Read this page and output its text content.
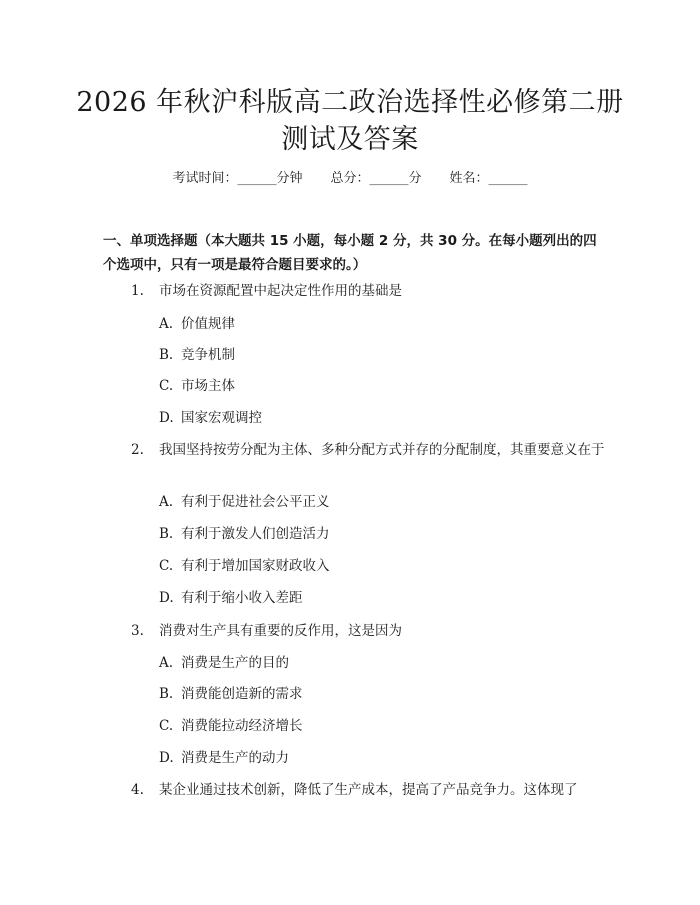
2026 年秋沪科版高二政治选择性必修第二册
测试及答案
考试时间：______分钟 总分：______分 姓名：______
一、单项选择题（本大题共 15 小题，每小题 2 分，共 30 分。在每小题列出的四个选项中，只有一项是最符合题目要求的。）
1. 市场在资源配置中起决定性作用的基础是
A. 价值规律
B. 竞争机制
C. 市场主体
D. 国家宏观调控
2. 我国坚持按劳分配为主体、多种分配方式并存的分配制度，其重要意义在于
A. 有利于促进社会公平正义
B. 有利于激发人们创造活力
C. 有利于增加国家财政收入
D. 有利于缩小收入差距
3. 消费对生产具有重要的反作用，这是因为
A. 消费是生产的目的
B. 消费能创造新的需求
C. 消费能拉动经济增长
D. 消费是生产的动力
4. 某企业通过技术创新，降低了生产成本，提高了产品竞争力。这体现了
